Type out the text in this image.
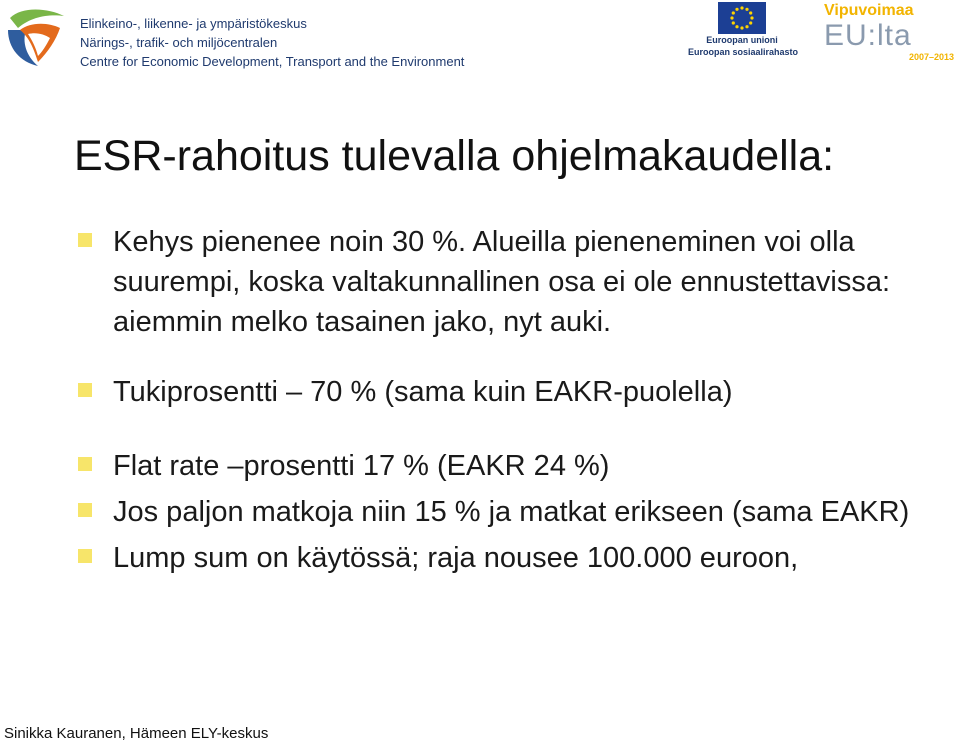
Elinkeino-, liikenne- ja ympäristökeskus
Närings-, trafik- och miljöcentralen
Centre for Economic Development, Transport and the Environment
Euroopan unioni
Euroopan sosiaalirahasto
Vipuvoimaa
EU:lta
2007–2013
ESR-rahoitus tulevalla ohjelmakaudella:
Kehys pienenee noin 30 %. Alueilla pieneneminen voi olla suurempi, koska valtakunnallinen osa ei ole ennustettavissa: aiemmin melko tasainen jako, nyt auki.
Tukiprosentti – 70 % (sama kuin EAKR-puolella)
Flat rate –prosentti 17 % (EAKR 24 %)
Jos paljon matkoja niin 15 % ja matkat erikseen (sama EAKR)
Lump sum on käytössä; raja nousee 100.000 euroon,
Sinikka Kauranen, Hämeen ELY-keskus
